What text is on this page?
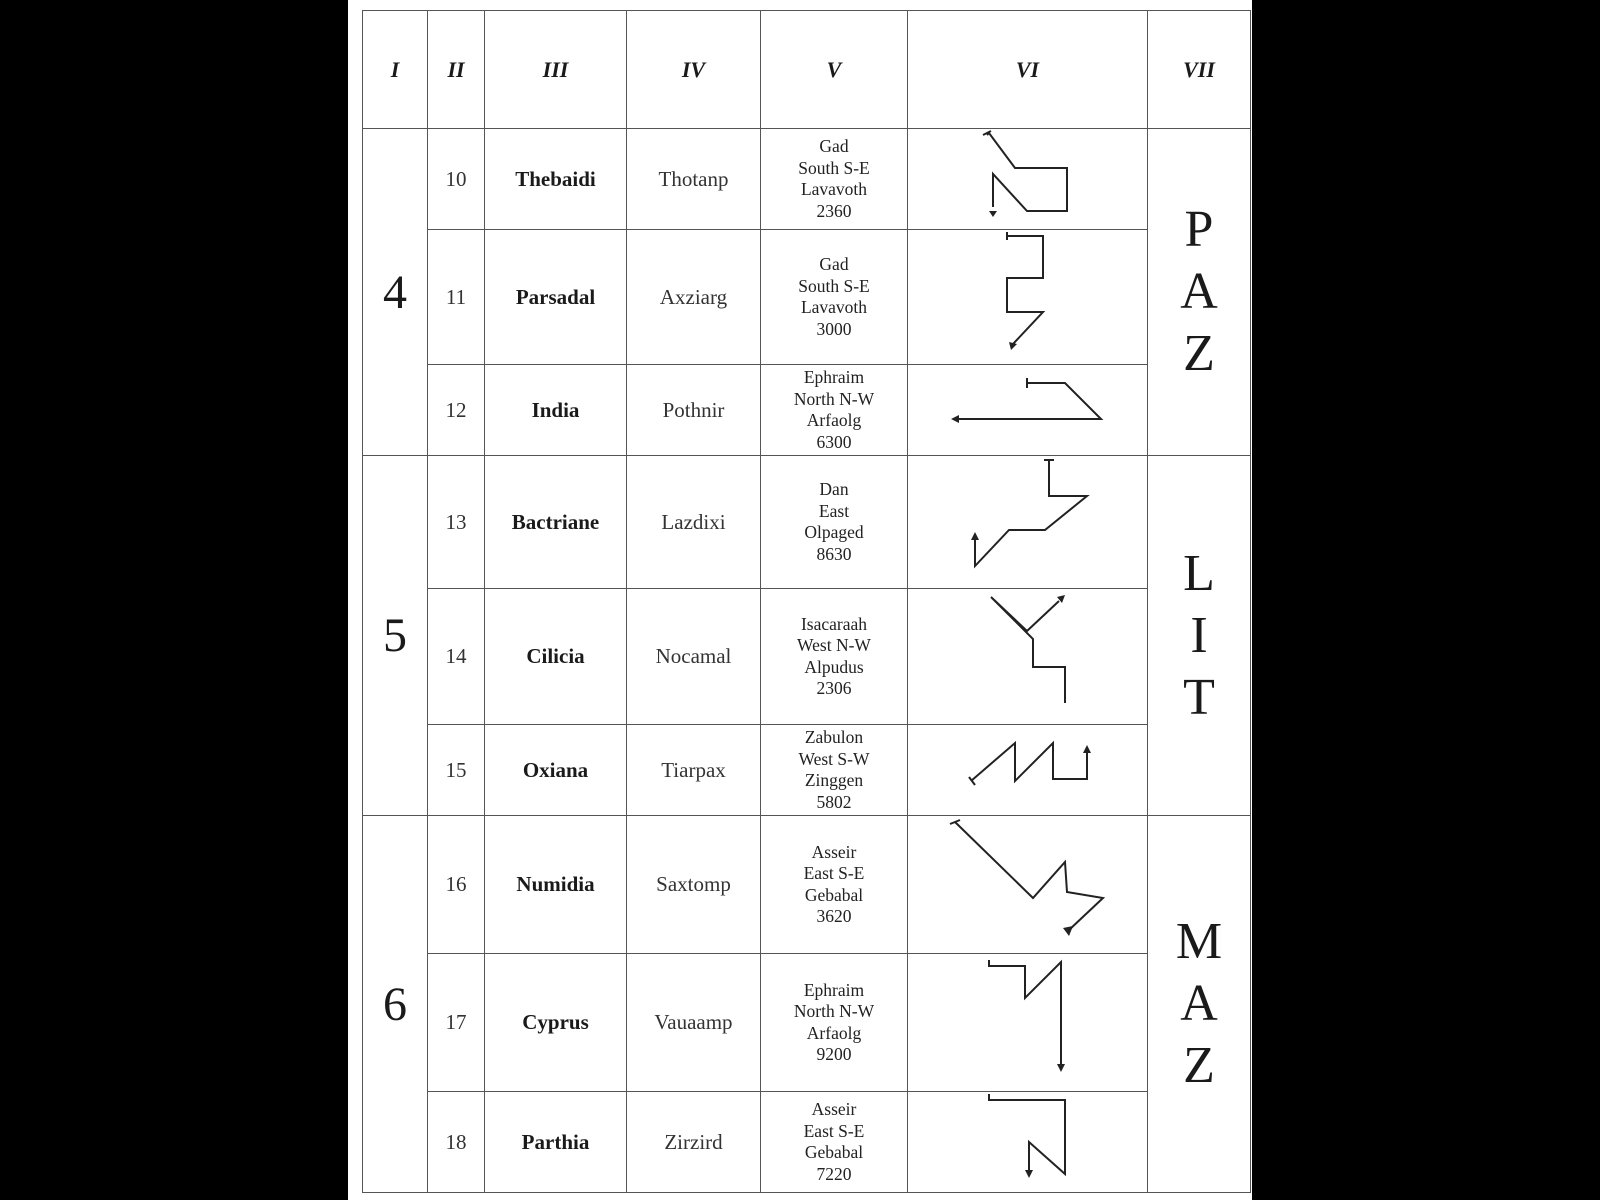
I	II	III	IV	V	VI	VII
4	10	Thebaidi	Thotanp	Gad
South S-E
Lavavoth
2360		P
A
Z

	11	Parsadal	Axziarg	Gad
South S-E
Lavavoth
3000

	12	India	Pothnir	Ephraim
North N-W
Arfaolg
6300

5	13	Bactriane	Lazdixi	Dan
East
Olpaged
8630		L
I
T

	14	Cilicia	Nocamal	Isacaraah
West N-W
Alpudus
2306

	15	Oxiana	Tiarpax	Zabulon
West S-W
Zinggen
5802

6	16	Numidia	Saxtomp	Asseir
East S-E
Gebabal
3620		M
A
Z

	17	Cyprus	Vauaamp	Ephraim
North N-W
Arfaolg
9200

	18	Parthia	Zirzird	Asseir
East S-E
Gebabal
7220
